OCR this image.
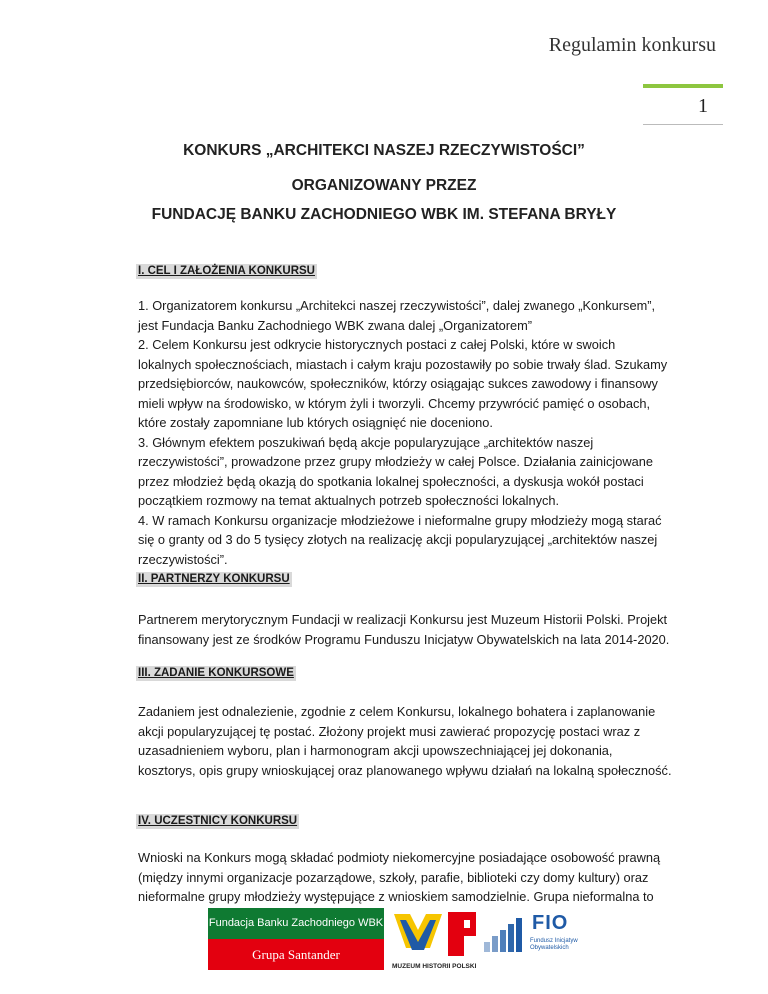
Regulamin konkursu
1
KONKURS „ARCHITEKCI NASZEJ RZECZYWISTOŚCI”
ORGANIZOWANY PRZEZ
FUNDACJĘ BANKU ZACHODNIEGO WBK IM. STEFANA BRYŁY
I. CEL I ZAŁOŻENIA KONKURSU
1. Organizatorem konkursu „Architekci naszej rzeczywistości”, dalej zwanego „Konkursem”,
jest Fundacja Banku Zachodniego WBK zwana dalej „Organizatorem”
2. Celem Konkursu jest odkrycie historycznych postaci z całej Polski, które w swoich
lokalnych społecznościach, miastach i całym kraju pozostawiły po sobie trwały ślad. Szukamy
przedsiębiorców, naukowców, społeczników, którzy osiągając sukces zawodowy i finansowy
mieli wpływ na środowisko, w którym żyli i tworzyli. Chcemy przywrócić pamięć o osobach,
które zostały zapomniane lub których osiągnięć nie doceniono.
3. Głównym efektem poszukiwań będą akcje popularyzujące „architektów naszej
rzeczywistości”, prowadzone przez grupy młodzieży w całej Polsce. Działania zainicjowane
przez młodzież będą okazją do spotkania lokalnej społeczności, a dyskusja wokół postaci
początkiem rozmowy na temat aktualnych potrzeb społeczności lokalnych.
4. W ramach Konkursu organizacje młodzieżowe i nieformalne grupy młodzieży mogą starać
się o granty od 3 do 5 tysięcy złotych na realizację akcji popularyzującej „architektów naszej
rzeczywistości”.
II. PARTNERZY KONKURSU
Partnerem merytorycznym Fundacji w realizacji Konkursu jest Muzeum Historii Polski. Projekt
finansowany jest ze środków Programu Funduszu Inicjatyw Obywatelskich na lata 2014-2020.
III. ZADANIE KONKURSOWE
Zadaniem jest odnalezienie, zgodnie z celem Konkursu, lokalnego bohatera i zaplanowanie
akcji popularyzującej tę postać. Złożony projekt musi zawierać propozycję postaci wraz z
uzasadnieniem wyboru, plan i harmonogram akcji upowszechniającej jej dokonania,
kosztorys, opis grupy wnioskującej oraz planowanego wpływu działań na lokalną społeczność.
IV. UCZESTNICY KONKURSU
Wnioski na Konkurs mogą składać podmioty niekomercyjne posiadające osobowość prawną
(między innymi organizacje pozarządowe, szkoły, parafie, biblioteki czy domy kultury) oraz
nieformalne grupy młodzieży występujące z wnioskiem samodzielnie. Grupa nieformalna to
Fundacja Banku Zachodniego WBK
Grupa Santander
MUZEUM HISTORII POLSKI
FIO
Fundusz Inicjatyw Obywatelskich
